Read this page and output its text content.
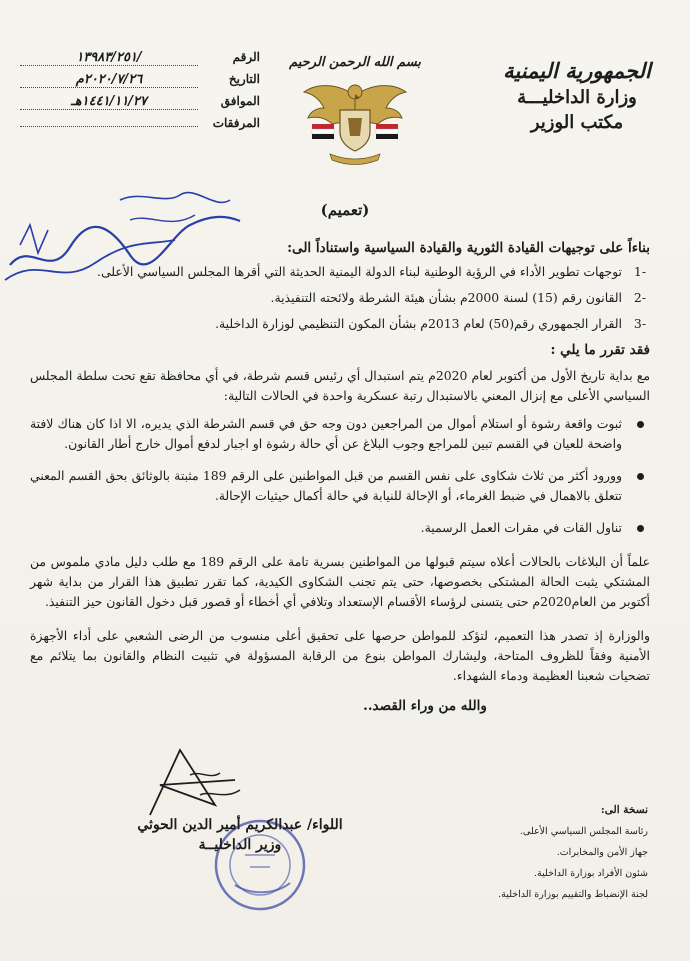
الجمهورية اليمنية
وزارة الداخليـــة
مكتب الوزير
بسم الله الرحمن الرحيم
الرقم
١٣٩٨٣/٢٥١/
التاريخ
٢٠٢٠/٧/٢٦م
الموافق
١٤٤١/١١/٢٧هـ
المرفقات
(تعميم)
بناءاً على توجيهات القيادة الثورية والقيادة السياسية واستناداً الى:
-1
توجهات تطوير الأداء في الرؤية الوطنية لبناء الدولة اليمنية الحديثة التي أقرها المجلس السياسي الأعلى.
-2
القانون رقم (15) لسنة 2000م بشأن هيئة الشرطة ولائحته التنفيذية.
-3
القرار الجمهوري رقم(50) لعام 2013م بشأن المكون التنظيمي لوزارة الداخلية.
فقد تقرر ما يلي :
مع بداية تاريخ الأول من أكتوبر لعام 2020م يتم استبدال أي رئيس قسم شرطة، في أي محافظة تقع تحت سلطة المجلس السياسي الأعلى مع إنزال المعني بالاستبدال رتبة عسكرية واحدة في الحالات التالية:
ثبوت واقعة رشوة أو استلام أموال من المراجعين دون وجه حق في قسم الشرطة الذي يديره، الا اذا كان هناك لافتة واضحة للعيان في القسم تبين للمراجع وجوب البلاغ عن أي حالة رشوة او اجبار لدفع أموال خارج أطار القانون.
وورود أكثر من ثلاث شكاوى على نفس القسم من قبل المواطنين على الرقم 189 مثبتة بالوثائق بحق القسم المعني تتعلق بالاهمال في ضبط الغرماء، أو الإحالة للنيابة في حالة أكمال حيثيات الإحالة.
تناول القات في مقرات العمل الرسمية.
علماً أن البلاغات بالحالات أعلاه سيتم قبولها من المواطنين بسرية تامة على الرقم 189 مع طلب دليل مادي ملموس من المشتكي يثبت الحالة المشتكى بخصوصها، حتى يتم تجنب الشكاوى الكيدية، كما تقرر تطبيق هذا القرار من بداية شهر أكتوبر من العام2020م حتى يتسنى لرؤساء الأقسام الإستعداد وتلافي أي أخطاء أو قصور قبل دخول القانون حيز التنفيذ.
والوزارة إذ تصدر هذا التعميم، لتؤكد للمواطن حرصها على تحقيق أعلى منسوب من الرضى الشعبي على أداء الأجهزة الأمنية وفقاً للظروف المتاحة، وليشارك المواطن بنوع من الرقابة المسؤولة في تثبيت النظام والقانون بما يتلائم مع تضحيات شعبنا العظيمة ودماء الشهداء.
والله من وراء القصد..
نسخة الى:
رئاسة المجلس السياسي الأعلى.
جهاز الأمن والمخابرات.
شئون الأفراد بوزارة الداخلية.
لجنة الإنضباط والتقييم بوزارة الداخلية.
اللواء/ عبدالكريم أمير الدين الحوثي
وزير الداخليــة
